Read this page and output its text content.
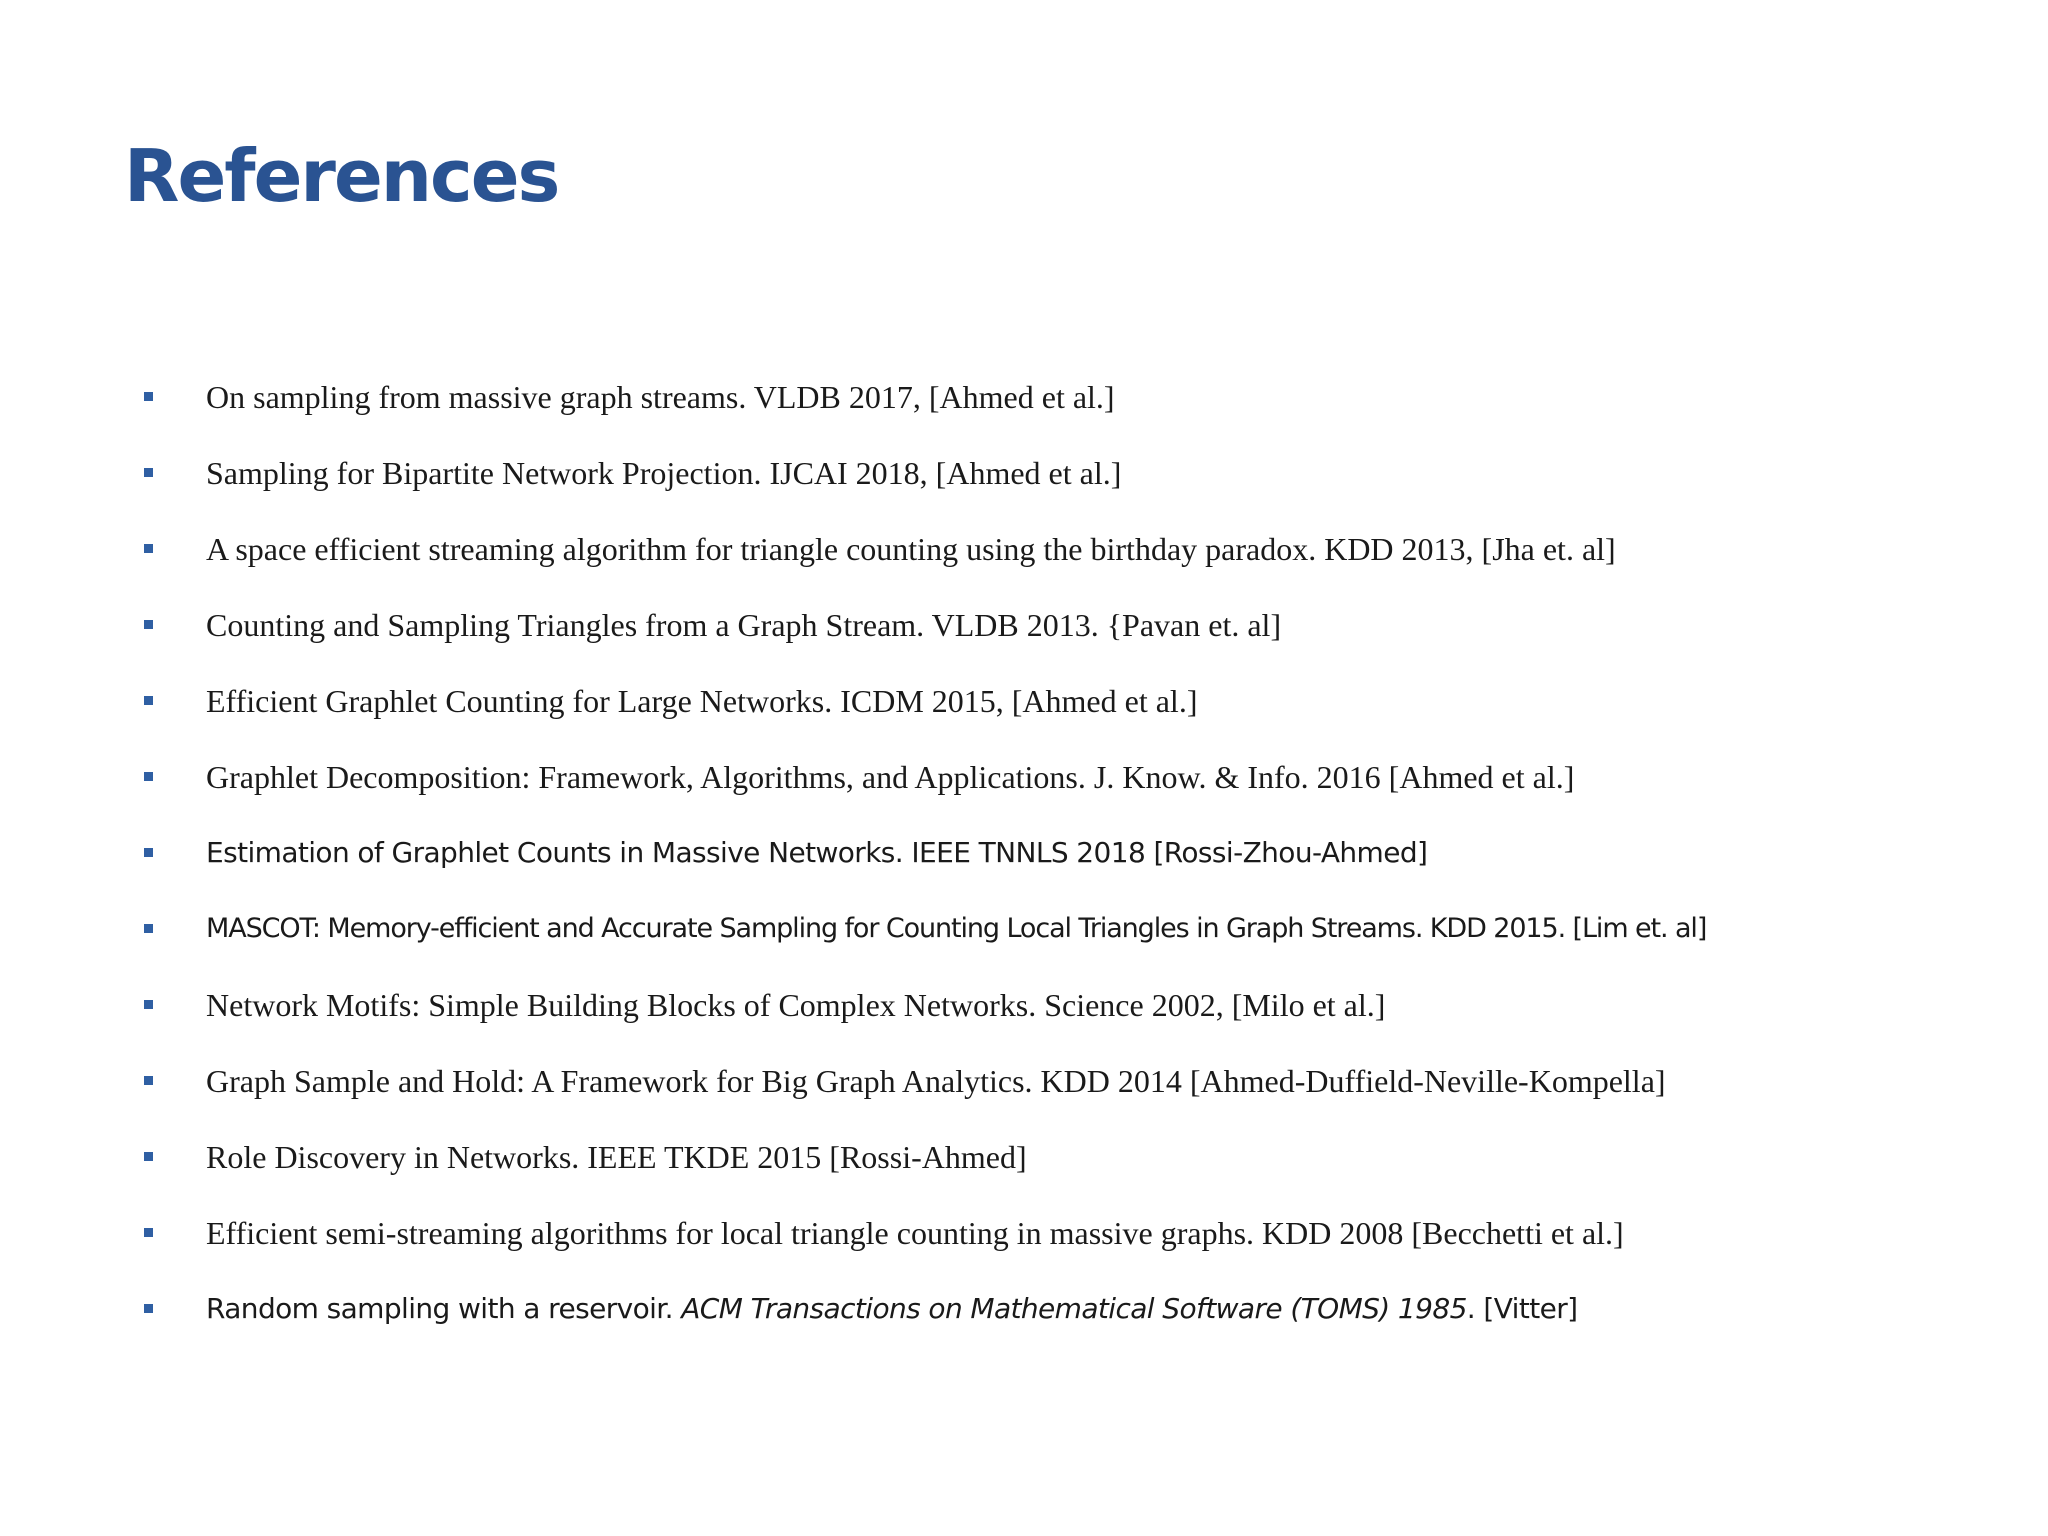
References
On sampling from massive graph streams. VLDB 2017, [Ahmed et al.]
Sampling for Bipartite Network Projection. IJCAI 2018, [Ahmed et al.]
A space efficient streaming algorithm for triangle counting using the birthday paradox. KDD 2013, [Jha et. al]
Counting and Sampling Triangles from a Graph Stream. VLDB 2013. {Pavan et. al]
Efficient Graphlet Counting for Large Networks. ICDM 2015, [Ahmed et al.]
Graphlet Decomposition: Framework, Algorithms, and Applications. J. Know. & Info. 2016 [Ahmed et al.]
Estimation of Graphlet Counts in Massive Networks. IEEE TNNLS 2018 [Rossi-Zhou-Ahmed]
MASCOT: Memory-efficient and Accurate Sampling for Counting Local Triangles in Graph Streams. KDD 2015. [Lim et. al]
Network Motifs: Simple Building Blocks of Complex Networks. Science 2002, [Milo et al.]
Graph Sample and Hold: A Framework for Big Graph Analytics. KDD 2014 [Ahmed-Duffield-Neville-Kompella]
Role Discovery in Networks. IEEE TKDE 2015 [Rossi-Ahmed]
Efficient semi-streaming algorithms for local triangle counting in massive graphs. KDD 2008 [Becchetti et al.]
Random sampling with a reservoir. ACM Transactions on Mathematical Software (TOMS) 1985. [Vitter]
